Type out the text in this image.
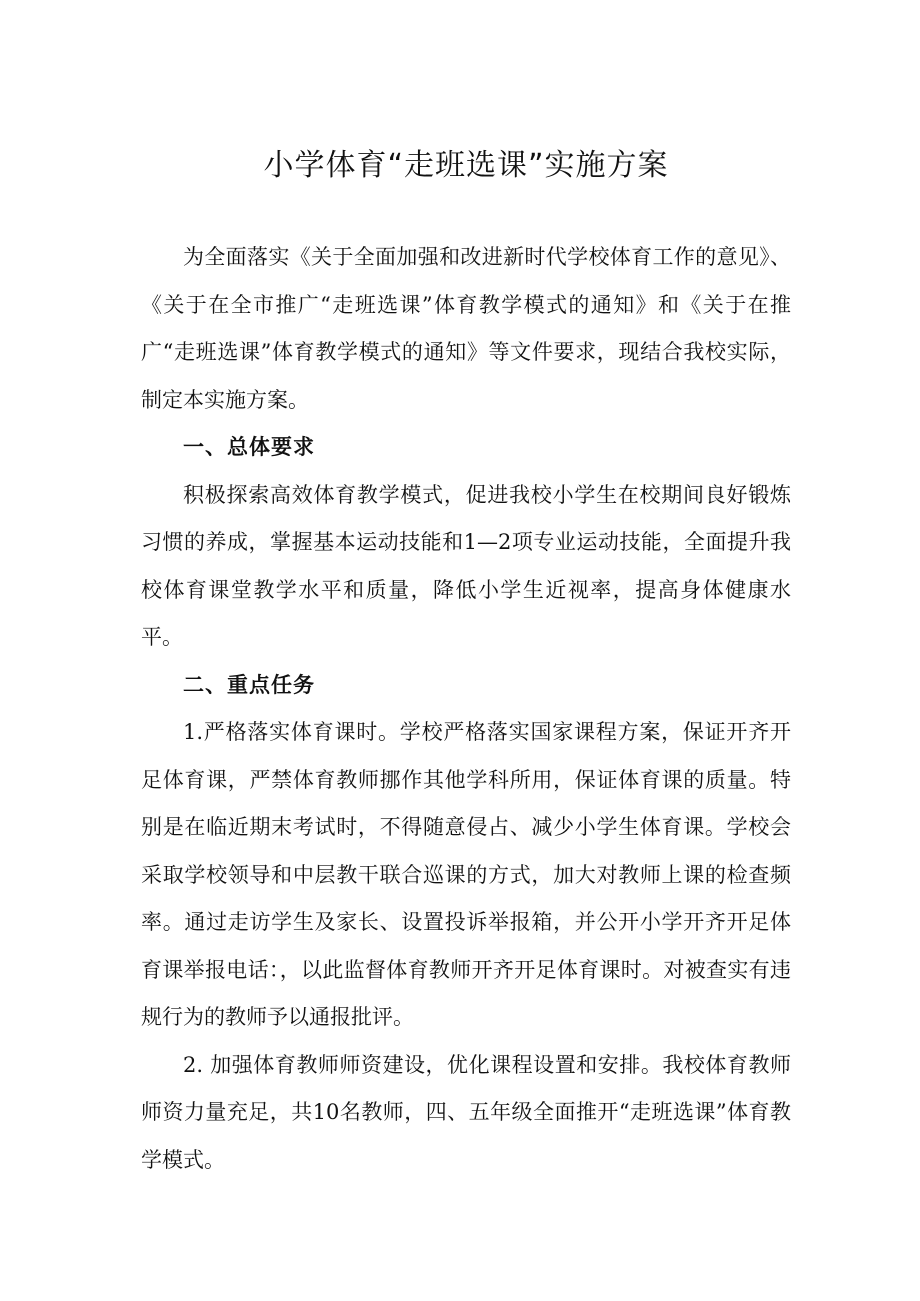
小学体育“走班选课”实施方案

为全面落实《关于全面加强和改进新时代学校体育工作的意见》、《关于在全市推广“走班选课”体育教学模式的通知》和《关于在推广“走班选课”体育教学模式的通知》等文件要求，现结合我校实际，制定本实施方案。

一、总体要求

积极探索高效体育教学模式，促进我校小学生在校期间良好锻炼习惯的养成，掌握基本运动技能和1—2项专业运动技能，全面提升我校体育课堂教学水平和质量，降低小学生近视率，提高身体健康水平。

二、重点任务

1.严格落实体育课时。学校严格落实国家课程方案，保证开齐开足体育课，严禁体育教师挪作其他学科所用，保证体育课的质量。特别是在临近期末考试时，不得随意侵占、减少小学生体育课。学校会采取学校领导和中层教干联合巡课的方式，加大对教师上课的检查频率。通过走访学生及家长、设置投诉举报箱，并公开小学开齐开足体育课举报电话：，以此监督体育教师开齐开足体育课时。对被查实有违规行为的教师予以通报批评。

2. 加强体育教师师资建设，优化课程设置和安排。我校体育教师师资力量充足，共10名教师，四、五年级全面推开“走班选课”体育教学模式。
